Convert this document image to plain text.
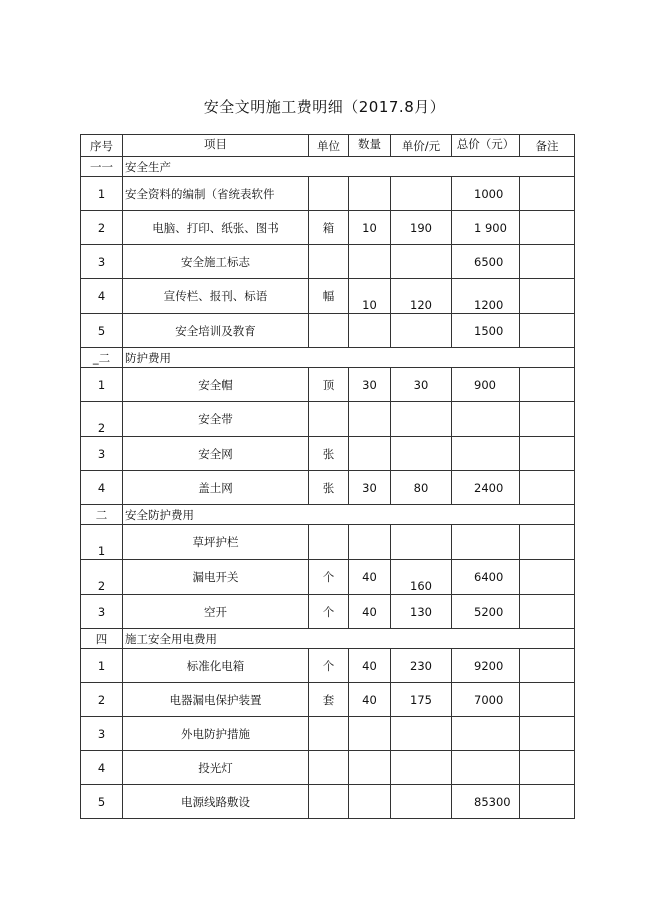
安全文明施工费明细（2017.8月）
序号	项目	单位	数量	单价/元	总价（元）	备注
一一	安全生产					
1	安全资料的编制（省统表软件				1000	
2	电脑、打印、纸张、图书	箱	10	190	1 900	
3	安全施工标志				6500	
4	宣传栏、报刊、标语	幅	10	120	1200	
5	安全培训及教育				1500	
_二	防护费用					
1	安全帽	顶	30	30	900	
2	安全带					
3	安全网	张				
4	盖土网	张	30	80	2400	
二	安全防护费用					
1	草坪护栏					
2	漏电开关	个	40	160	6400	
3	空开	个	40	130	5200	
四	施工安全用电费用					
1	标准化电箱	个	40	230	9200	
2	电器漏电保护装置	套	40	175	7000	
3	外电防护措施					
4	投光灯					
5	电源线路敷设				85300	
